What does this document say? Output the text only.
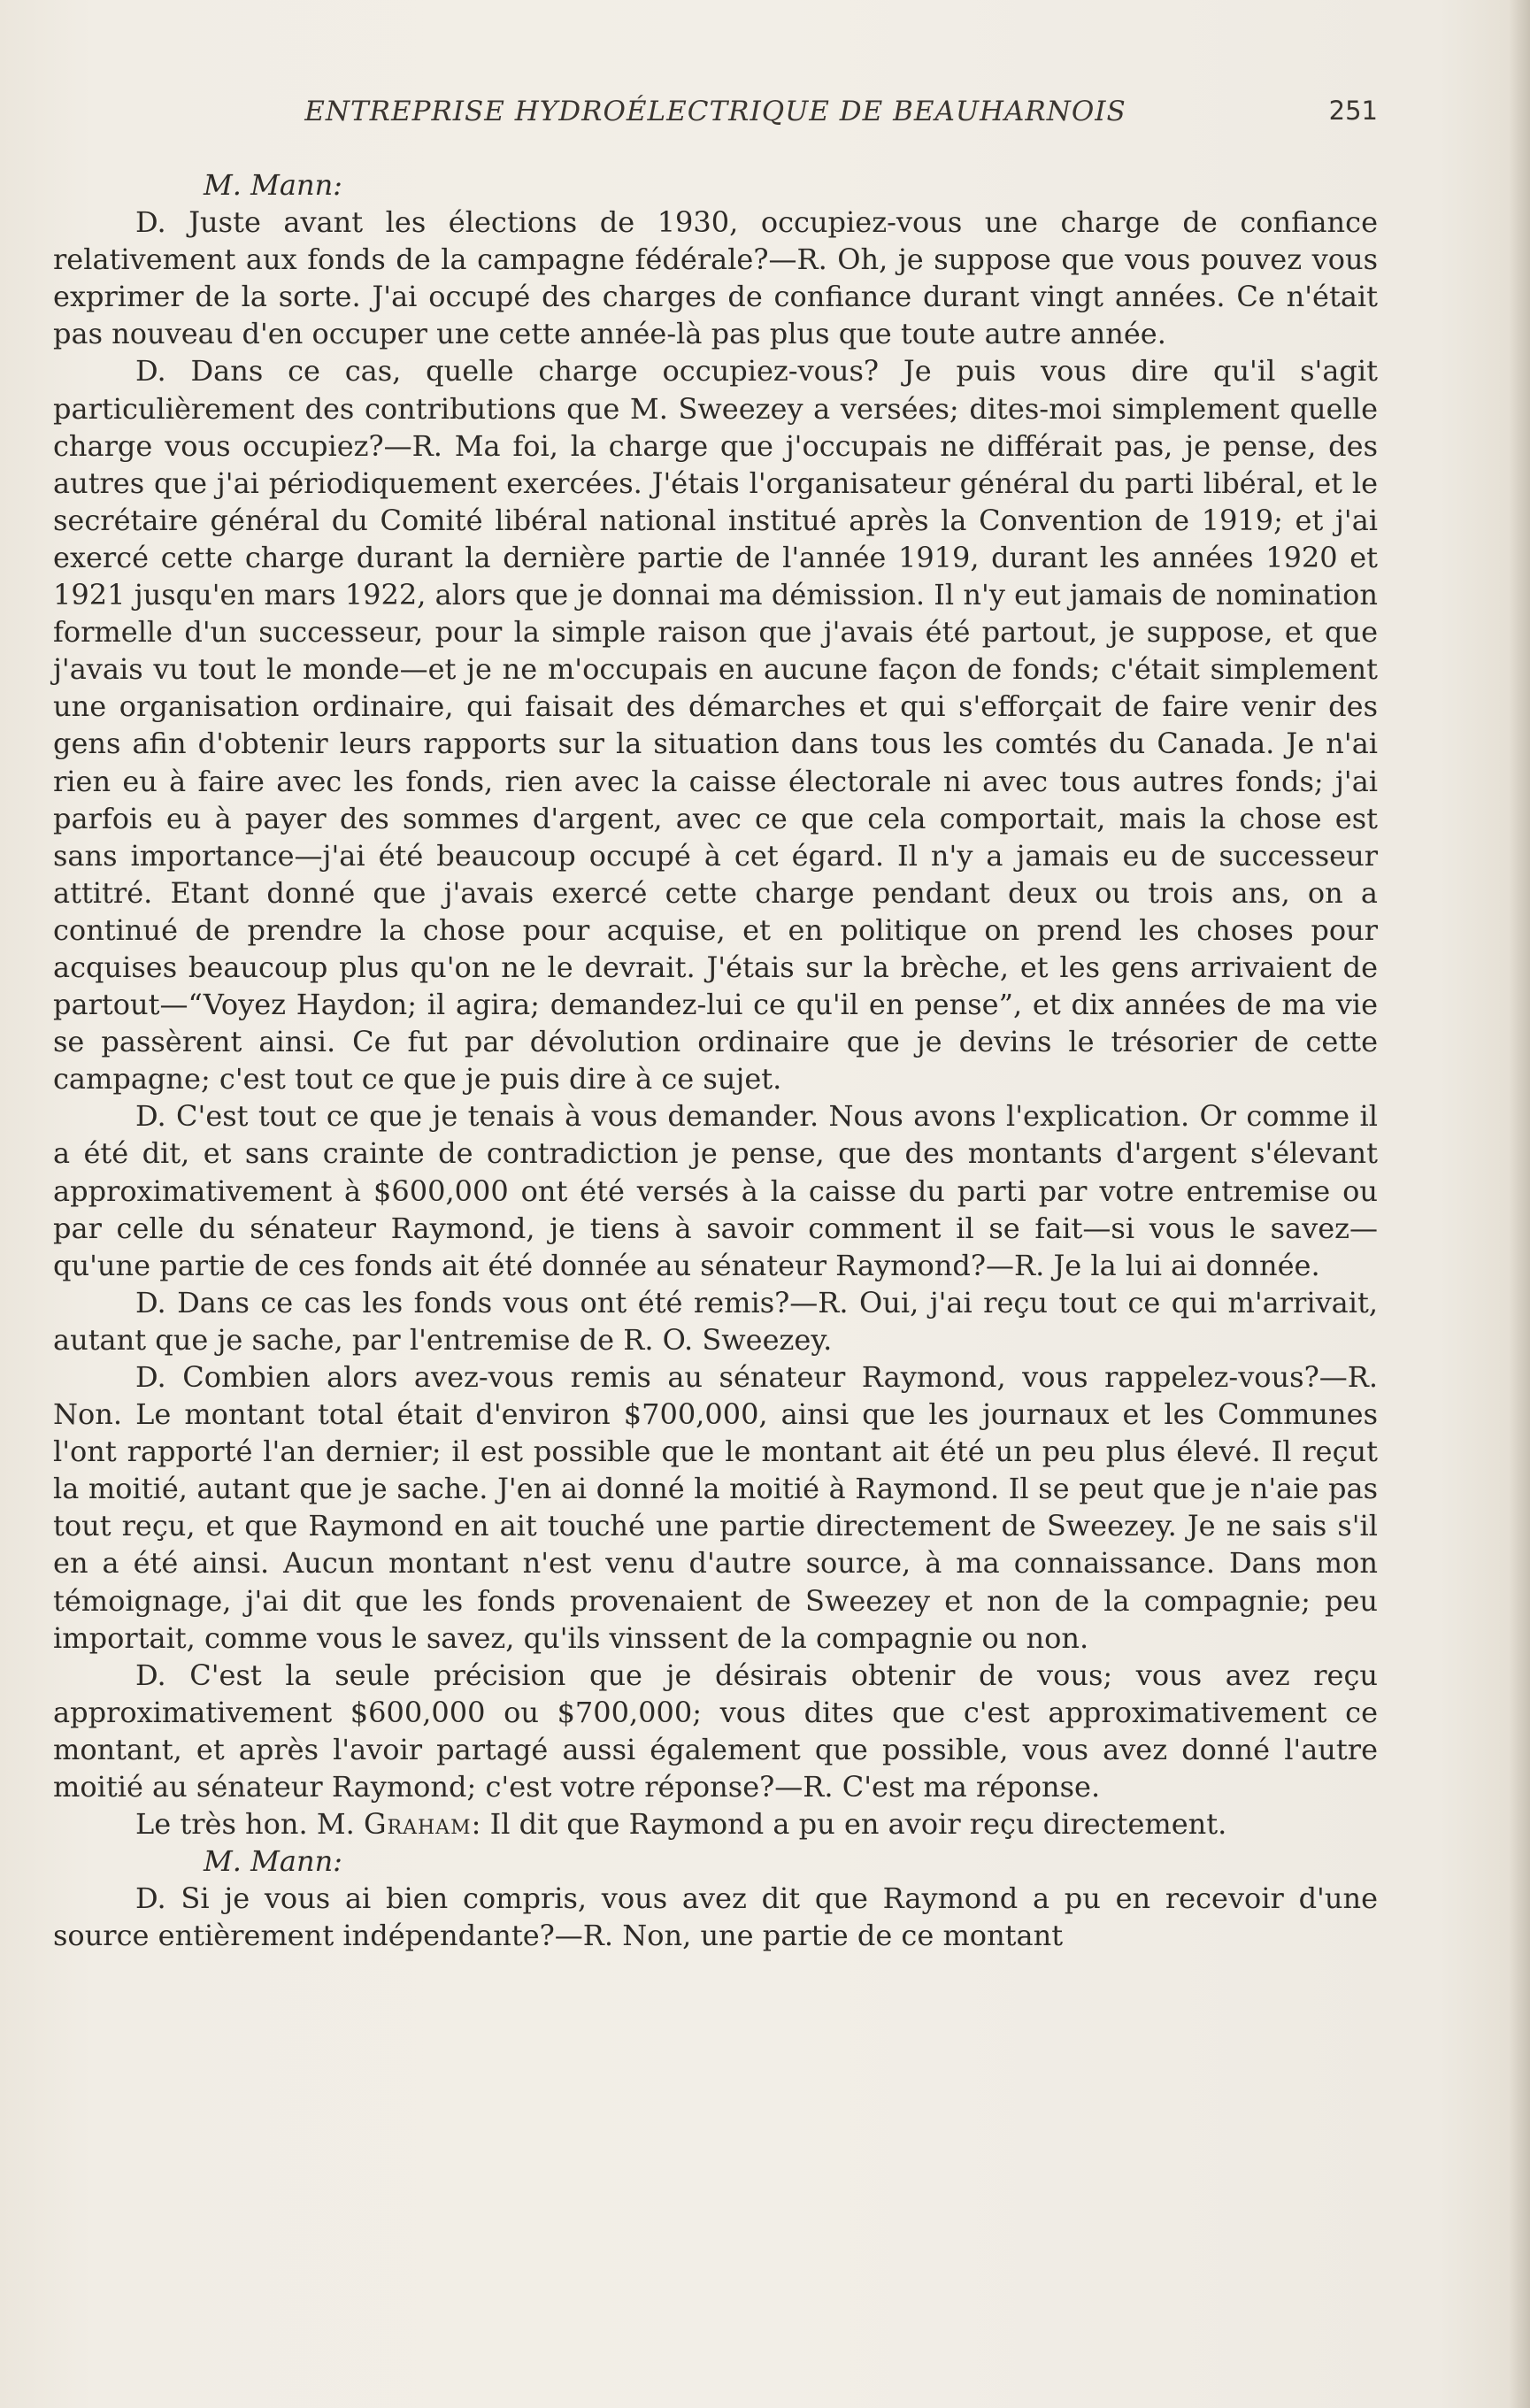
ENTREPRISE HYDROÉLECTRIQUE DE BEAUHARNOIS	251

M. Mann:

D. Juste avant les élections de 1930, occupiez-vous une charge de confiance relativement aux fonds de la campagne fédérale?—R. Oh, je suppose que vous pouvez vous exprimer de la sorte. J'ai occupé des charges de confiance durant vingt années. Ce n'était pas nouveau d'en occuper une cette année-là pas plus que toute autre année.

D. Dans ce cas, quelle charge occupiez-vous? Je puis vous dire qu'il s'agit particulièrement des contributions que M. Sweezey a versées; dites-moi simplement quelle charge vous occupiez?—R. Ma foi, la charge que j'occupais ne différait pas, je pense, des autres que j'ai périodiquement exercées. J'étais l'organisateur général du parti libéral, et le secrétaire général du Comité libéral national institué après la Convention de 1919; et j'ai exercé cette charge durant la dernière partie de l'année 1919, durant les années 1920 et 1921 jusqu'en mars 1922, alors que je donnai ma démission. Il n'y eut jamais de nomination formelle d'un successeur, pour la simple raison que j'avais été partout, je suppose, et que j'avais vu tout le monde—et je ne m'occupais en aucune façon de fonds; c'était simplement une organisation ordinaire, qui faisait des démarches et qui s'efforçait de faire venir des gens afin d'obtenir leurs rapports sur la situation dans tous les comtés du Canada. Je n'ai rien eu à faire avec les fonds, rien avec la caisse électorale ni avec tous autres fonds; j'ai parfois eu à payer des sommes d'argent, avec ce que cela comportait, mais la chose est sans importance—j'ai été beaucoup occupé à cet égard. Il n'y a jamais eu de successeur attitré. Etant donné que j'avais exercé cette charge pendant deux ou trois ans, on a continué de prendre la chose pour acquise, et en politique on prend les choses pour acquises beaucoup plus qu'on ne le devrait. J'étais sur la brèche, et les gens arrivaient de partout—“Voyez Haydon; il agira; demandez-lui ce qu'il en pense”, et dix années de ma vie se passèrent ainsi. Ce fut par dévolution ordinaire que je devins le trésorier de cette campagne; c'est tout ce que je puis dire à ce sujet.

D. C'est tout ce que je tenais à vous demander. Nous avons l'explication. Or comme il a été dit, et sans crainte de contradiction je pense, que des montants d'argent s'élevant approximativement à $600,000 ont été versés à la caisse du parti par votre entremise ou par celle du sénateur Raymond, je tiens à savoir comment il se fait—si vous le savez—qu'une partie de ces fonds ait été donnée au sénateur Raymond?—R. Je la lui ai donnée.

D. Dans ce cas les fonds vous ont été remis?—R. Oui, j'ai reçu tout ce qui m'arrivait, autant que je sache, par l'entremise de R. O. Sweezey.

D. Combien alors avez-vous remis au sénateur Raymond, vous rappelez-vous?—R. Non. Le montant total était d'environ $700,000, ainsi que les journaux et les Communes l'ont rapporté l'an dernier; il est possible que le montant ait été un peu plus élevé. Il reçut la moitié, autant que je sache. J'en ai donné la moitié à Raymond. Il se peut que je n'aie pas tout reçu, et que Raymond en ait touché une partie directement de Sweezey. Je ne sais s'il en a été ainsi. Aucun montant n'est venu d'autre source, à ma connaissance. Dans mon témoignage, j'ai dit que les fonds provenaient de Sweezey et non de la compagnie; peu importait, comme vous le savez, qu'ils vinssent de la compagnie ou non.

D. C'est la seule précision que je désirais obtenir de vous; vous avez reçu approximativement $600,000 ou $700,000; vous dites que c'est approximativement ce montant, et après l'avoir partagé aussi également que possible, vous avez donné l'autre moitié au sénateur Raymond; c'est votre réponse?—R. C'est ma réponse.

Le très hon. M. Graham: Il dit que Raymond a pu en avoir reçu directement.

M. Mann:

D. Si je vous ai bien compris, vous avez dit que Raymond a pu en recevoir d'une source entièrement indépendante?—R. Non, une partie de ce montant
